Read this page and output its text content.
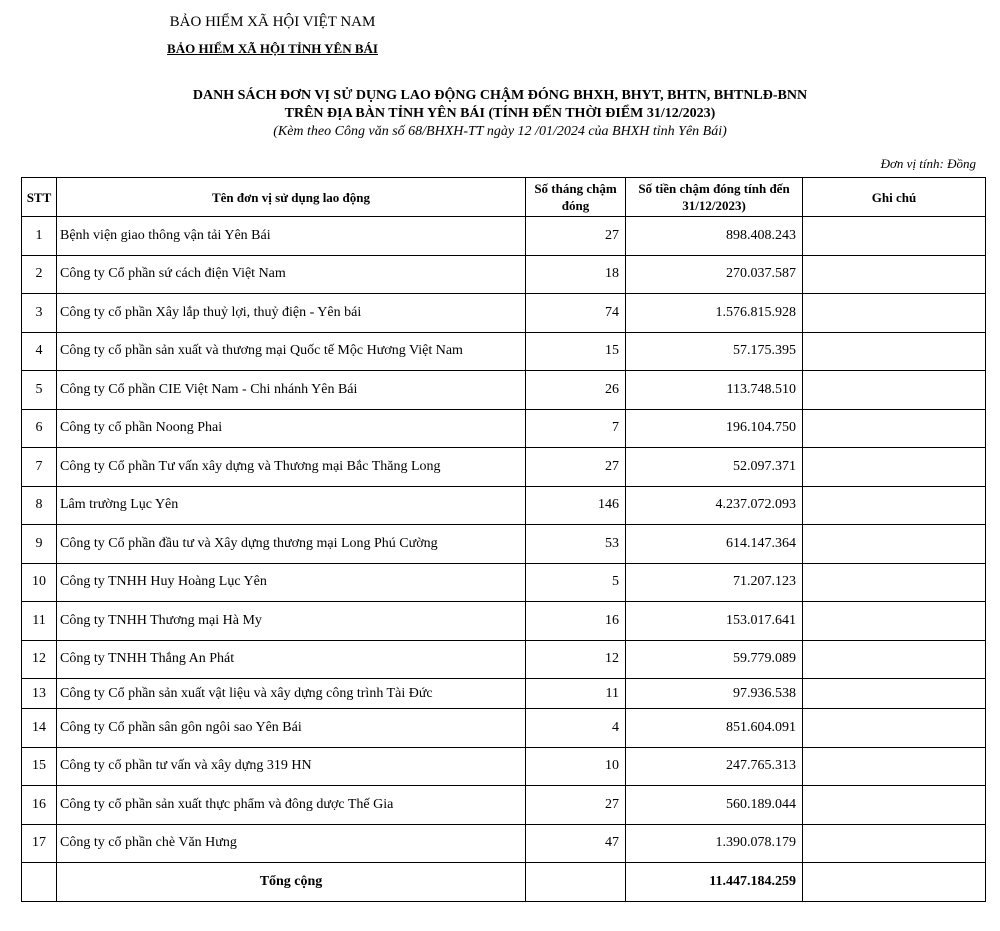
BẢO HIỂM XÃ HỘI VIỆT NAM
BẢO HIỂM XÃ HỘI TỈNH YÊN BÁI
DANH SÁCH ĐƠN VỊ SỬ DỤNG LAO ĐỘNG CHẬM ĐÓNG BHXH, BHYT, BHTN, BHTNLĐ-BNN
TRÊN ĐỊA BÀN TỈNH YÊN BÁI (TÍNH ĐẾN THỜI ĐIỂM 31/12/2023)
(Kèm theo Công văn số 68/BHXH-TT ngày 12 /01/2024 của BHXH tỉnh Yên Bái)
Đơn vị tính: Đồng
STT	Tên đơn vị sử dụng lao động	Số tháng chậm đóng	Số tiền chậm đóng tính đến 31/12/2023)	Ghi chú
1	Bệnh viện giao thông vận tải Yên Bái	27	898.408.243	
2	Công ty Cổ phần sứ cách điện Việt Nam	18	270.037.587	
3	Công ty cổ phần Xây lắp thuỷ lợi, thuỷ điện - Yên bái	74	1.576.815.928	
4	Công ty cổ phần sản xuất và thương mại Quốc tế Mộc Hương Việt Nam	15	57.175.395	
5	Công ty Cổ phần CIE Việt Nam - Chi nhánh Yên Bái	26	113.748.510	
6	Công ty cổ phần Noong Phai	7	196.104.750	
7	Công ty Cổ phần Tư vấn xây dựng và Thương mại Bắc Thăng Long	27	52.097.371	
8	Lâm trường Lục Yên	146	4.237.072.093	
9	Công ty Cổ phần đầu tư và Xây dựng thương mại Long Phú Cường	53	614.147.364	
10	Công ty TNHH Huy Hoàng Lục Yên	5	71.207.123	
11	Công ty TNHH Thương mại Hà My	16	153.017.641	
12	Công ty TNHH Thắng An Phát	12	59.779.089	
13	Công ty Cổ phần sản xuất vật liệu và xây dựng công trình Tài Đức	11	97.936.538	
14	Công ty Cổ phần sân gôn ngôi sao Yên Bái	4	851.604.091	
15	Công ty cổ phần tư vấn và xây dựng 319 HN	10	247.765.313	
16	Công ty cổ phần sản xuất thực phẩm và đông dược Thế Gia	27	560.189.044	
17	Công ty cổ phần chè Văn Hưng	47	1.390.078.179	
	Tổng cộng		11.447.184.259	
